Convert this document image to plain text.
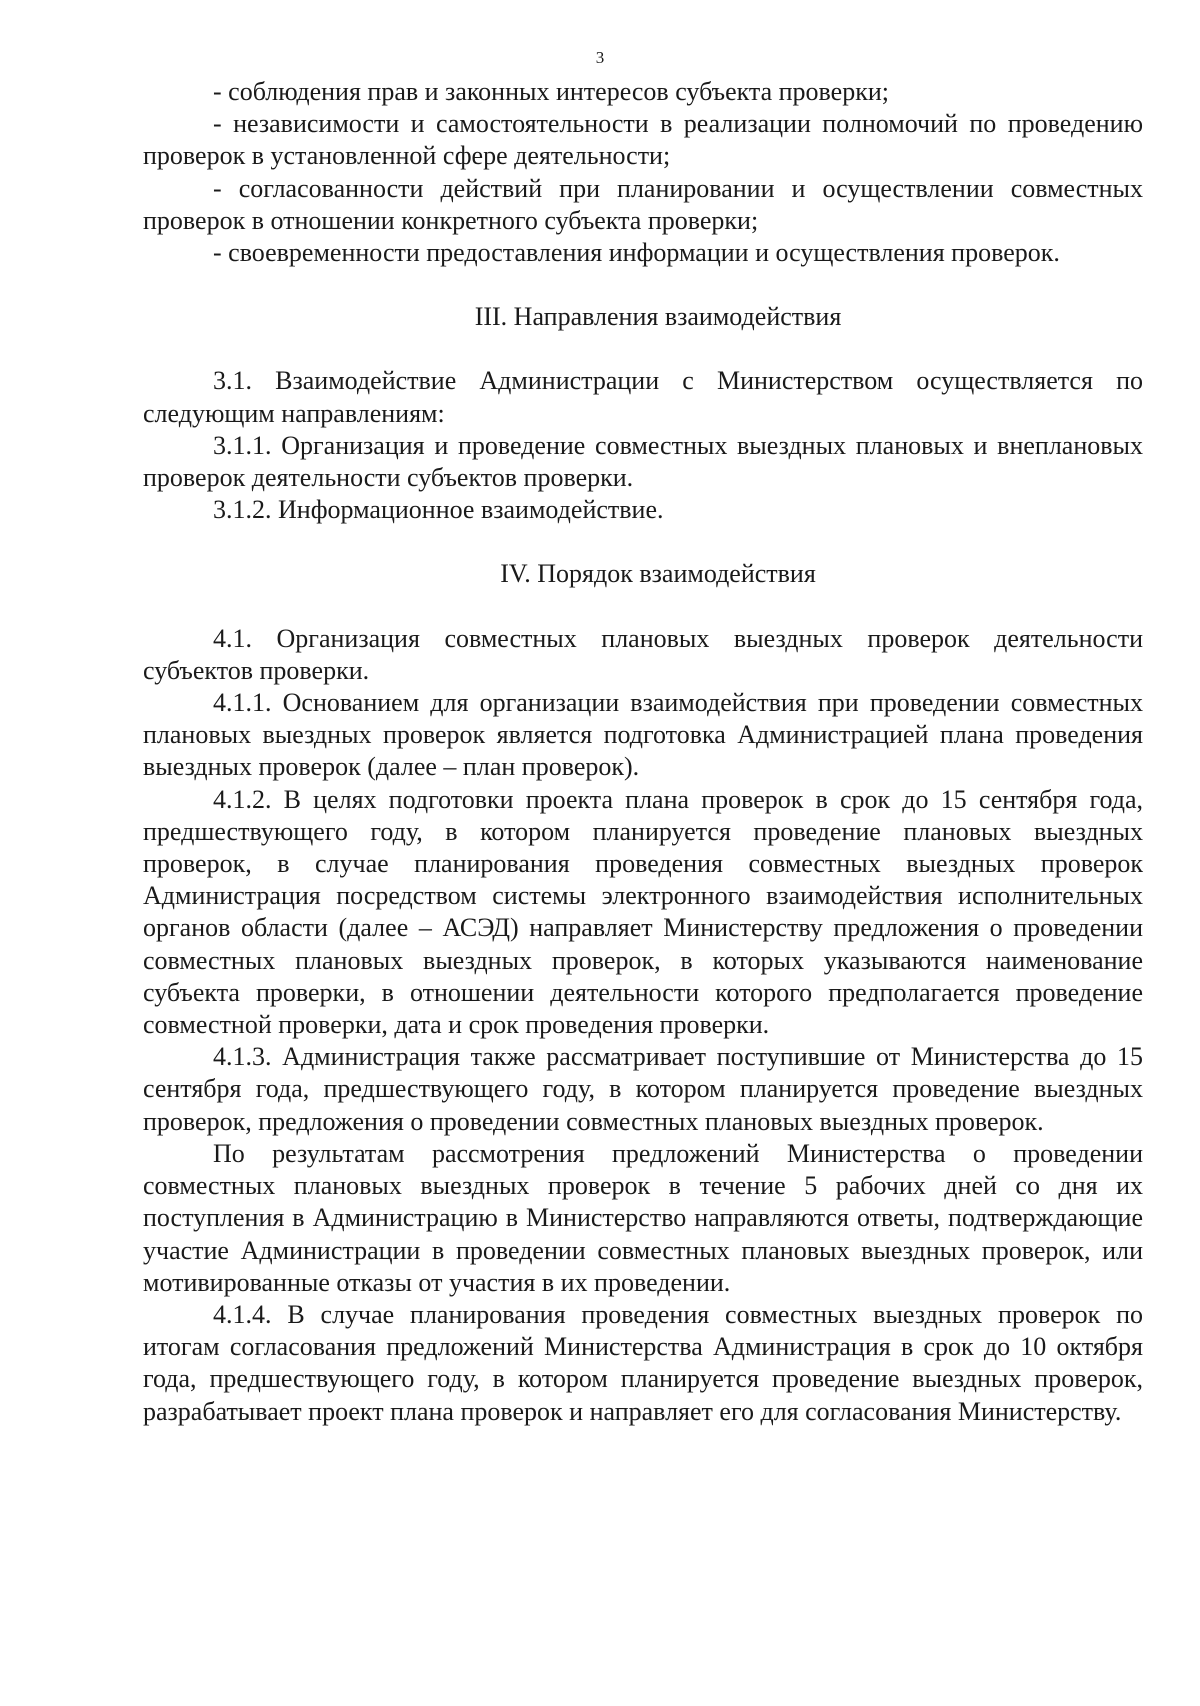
3

- соблюдения прав и законных интересов субъекта проверки;

- независимости и самостоятельности в реализации полномочий по проведению проверок в установленной сфере деятельности;

- согласованности действий при планировании и осуществлении совместных проверок в отношении конкретного субъекта проверки;

- своевременности предоставления информации и осуществления проверок.

III. Направления взаимодействия

3.1. Взаимодействие Администрации с Министерством осуществляется по следующим направлениям:

3.1.1. Организация и проведение совместных выездных плановых и внеплановых проверок деятельности субъектов проверки.

3.1.2. Информационное взаимодействие.

IV. Порядок взаимодействия

4.1. Организация совместных плановых выездных проверок деятельности субъектов проверки.

4.1.1. Основанием для организации взаимодействия при проведении совместных плановых выездных проверок является подготовка Администрацией плана проведения выездных проверок (далее – план проверок).

4.1.2. В целях подготовки проекта плана проверок в срок до 15 сентября года, предшествующего году, в котором планируется проведение плановых выездных проверок, в случае планирования проведения совместных выездных проверок Администрация посредством системы электронного взаимодействия исполнительных органов области (далее – АСЭД) направляет Министерству предложения о проведении совместных плановых выездных проверок, в которых указываются наименование субъекта проверки, в отношении деятельности которого предполагается проведение совместной проверки, дата и срок проведения проверки.

4.1.3. Администрация также рассматривает поступившие от Министерства до 15 сентября года, предшествующего году, в котором планируется проведение выездных проверок, предложения о проведении совместных плановых выездных проверок.

По результатам рассмотрения предложений Министерства о проведении совместных плановых выездных проверок в течение 5 рабочих дней со дня их поступления в Администрацию в Министерство направляются ответы, подтверждающие участие Администрации в проведении совместных плановых выездных проверок, или мотивированные отказы от участия в их проведении.

4.1.4. В случае планирования проведения совместных выездных проверок по итогам согласования предложений Министерства Администрация в срок до 10 октября года, предшествующего году, в котором планируется проведение выездных проверок, разрабатывает проект плана проверок и направляет его для согласования Министерству.
